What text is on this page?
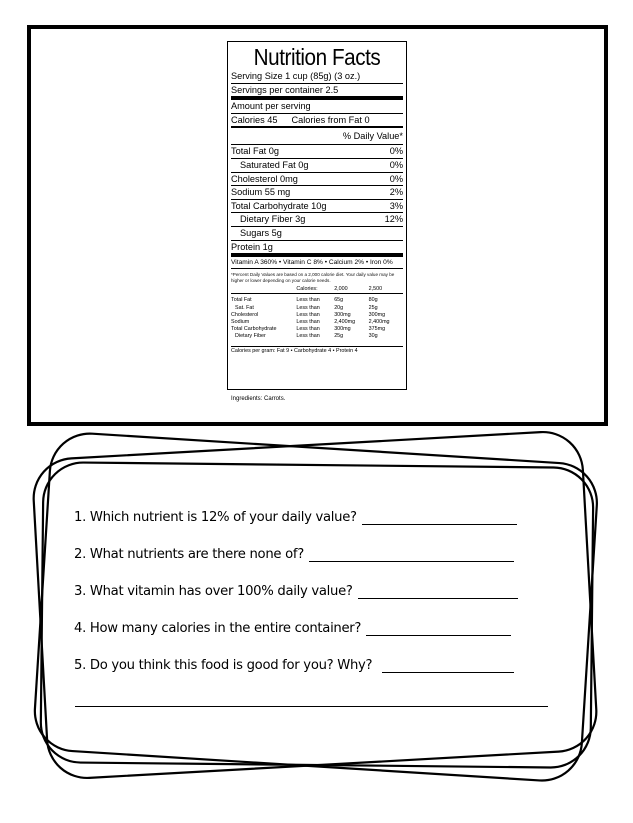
Nutrition Facts
Serving Size 1 cup (85g) (3 oz.)
Servings per container 2.5
Amount per serving
Calories 45 Calories from Fat 0
% Daily Value*
Total Fat 0g	0%
Saturated Fat 0g	0%
Cholesterol 0mg	0%
Sodium 55 mg	2%
Total Carbohydrate 10g	3%
Dietary Fiber 3g	12%
Sugars 5g
Protein 1g
Vitamin A 360% • Vitamin C 8% • Calcium 2% • Iron 0%
*Percent Daily Values are based on a 2,000 calorie diet. Your daily value may be higher or lower depending on your calorie needs.
	Calories:	2,000	2,500

Total Fat	Less than	65g	80g
Sat. Fat	Less than	20g	25g
Cholesterol	Less than	300mg	300mg
Sodium	Less than	2,400mg	2,400mg
Total Carbohydrate	Less than	300mg	375mg
Dietary Fiber	Less than	25g	30g
Calories per gram: Fat 9 • Carbohydrate 4 • Protein 4
Ingredients: Carrots.
1. Which nutrient is 12% of your daily value?
2. What nutrients are there none of?
3. What vitamin has over 100% daily value?
4. How many calories in the entire container?
5. Do you think this food is good for you? Why?
